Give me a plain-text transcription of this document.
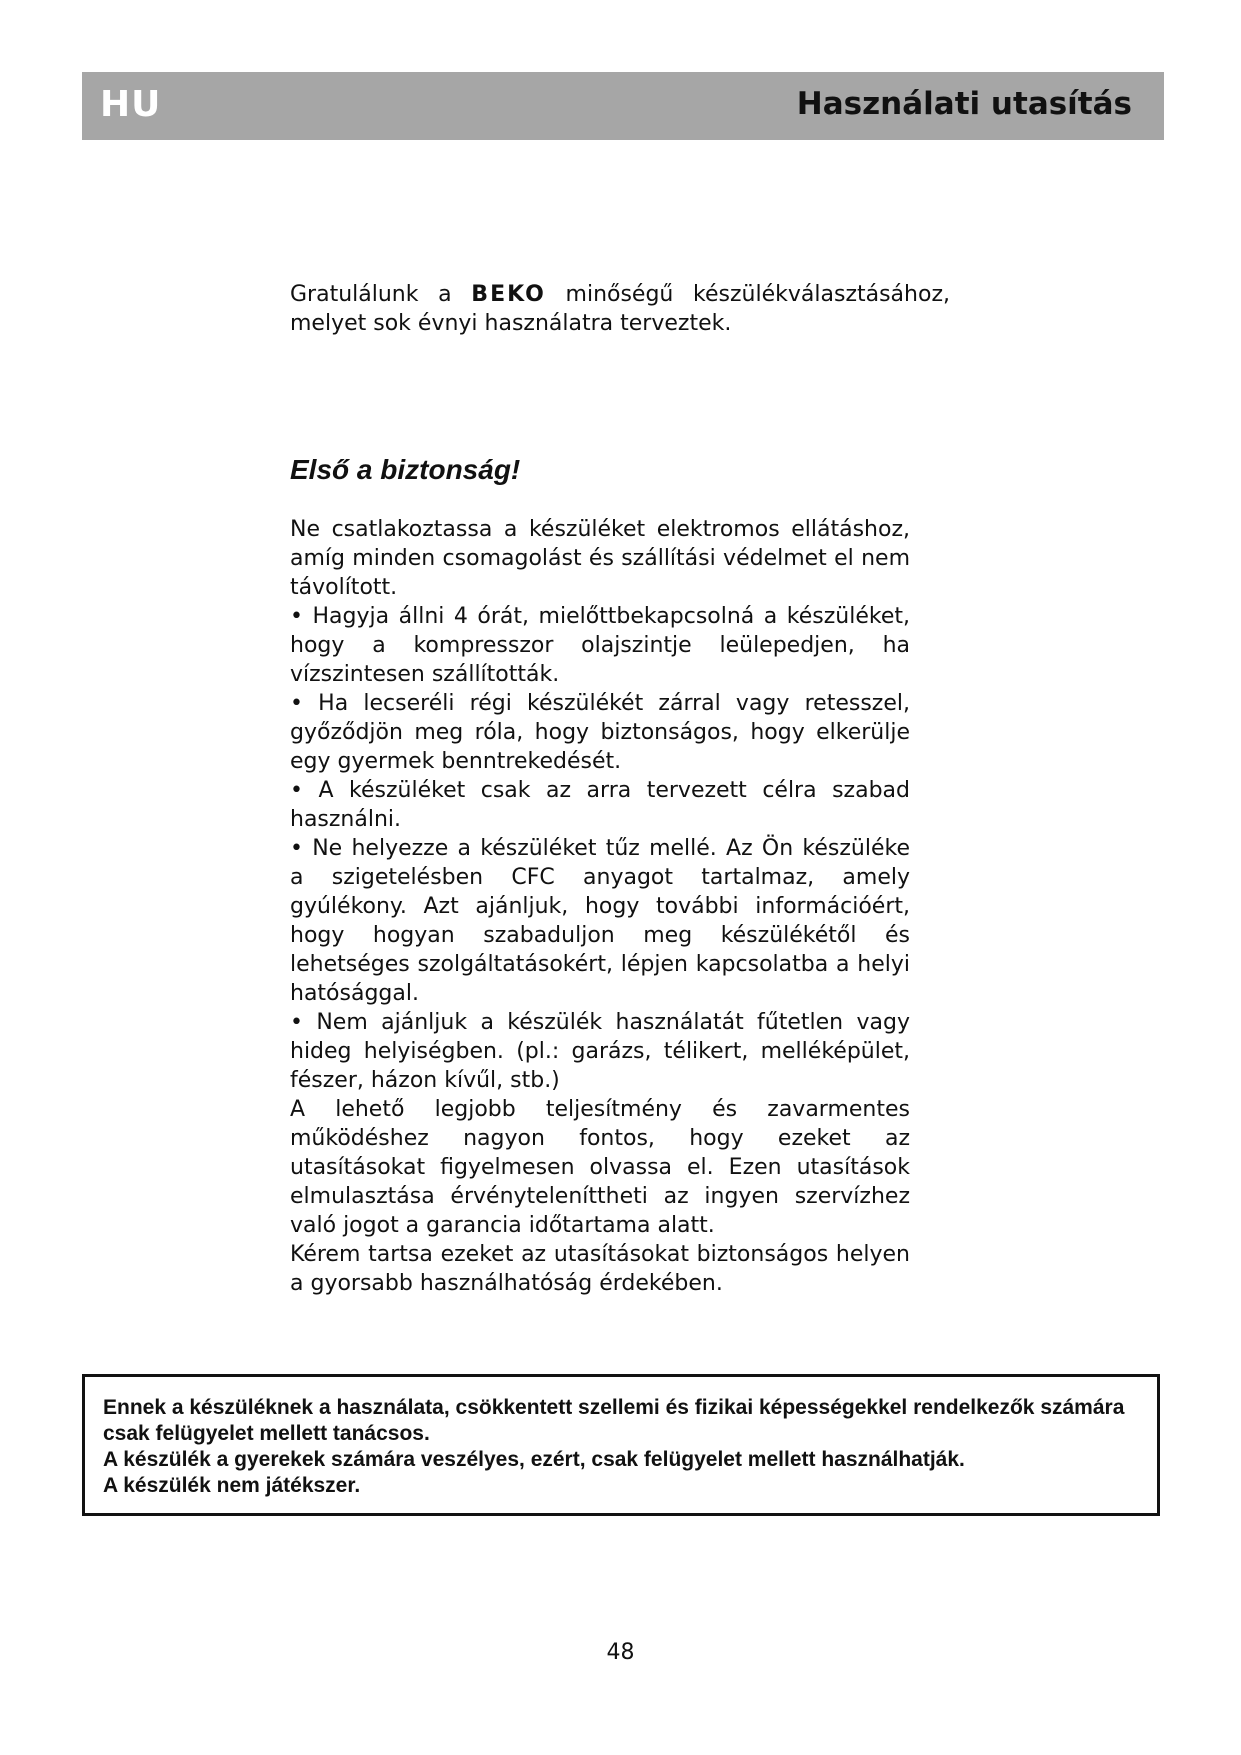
HU	Használati utasítás
Gratulálunk a BEKO minőségű készülékválasztásához, melyet sok évnyi használatra terveztek.
Első a biztonság!

Ne csatlakoztassa a készüléket elektromos ellátáshoz, amíg minden csomagolást és szállítási védelmet el nem távolított.

• Hagyja állni 4 órát, mielőttbekapcsolná a készüléket, hogy a kompresszor olajszintje leülepedjen, ha vízszintesen szállították.

• Ha lecseréli régi készülékét zárral vagy retesszel, győződjön meg róla, hogy biztonságos, hogy elkerülje egy gyermek benntrekedését.

• A készüléket csak az arra tervezett célra szabad használni.

• Ne helyezze a készüléket tűz mellé. Az Ön készüléke a szigetelésben CFC anyagot tartalmaz, amely gyúlékony. Azt ajánljuk, hogy további információért, hogy hogyan szabaduljon meg készülékétől és lehetséges szolgáltatásokért, lépjen kapcsolatba a helyi hatósággal.

• Nem ajánljuk a készülék használatát fűtetlen vagy hideg helyiségben. (pl.: garázs, télikert, melléképület, fészer, házon kívűl, stb.)

A lehető legjobb teljesítmény és zavarmentes működéshez nagyon fontos, hogy ezeket az utasításokat figyelmesen olvassa el. Ezen utasítások elmulasztása érvényteleníttheti az ingyen szervízhez való jogot a garancia időtartama alatt.

Kérem tartsa ezeket az utasításokat biztonságos helyen a gyorsabb használhatóság érdekében.

Ennek a készüléknek a használata, csökkentett szellemi és fizikai képességekkel rendelkezők számára csak felügyelet mellett tanácsos.
A készülék a gyerekek számára veszélyes, ezért, csak felügyelet mellett használhatják.
A készülék nem játékszer.
48
